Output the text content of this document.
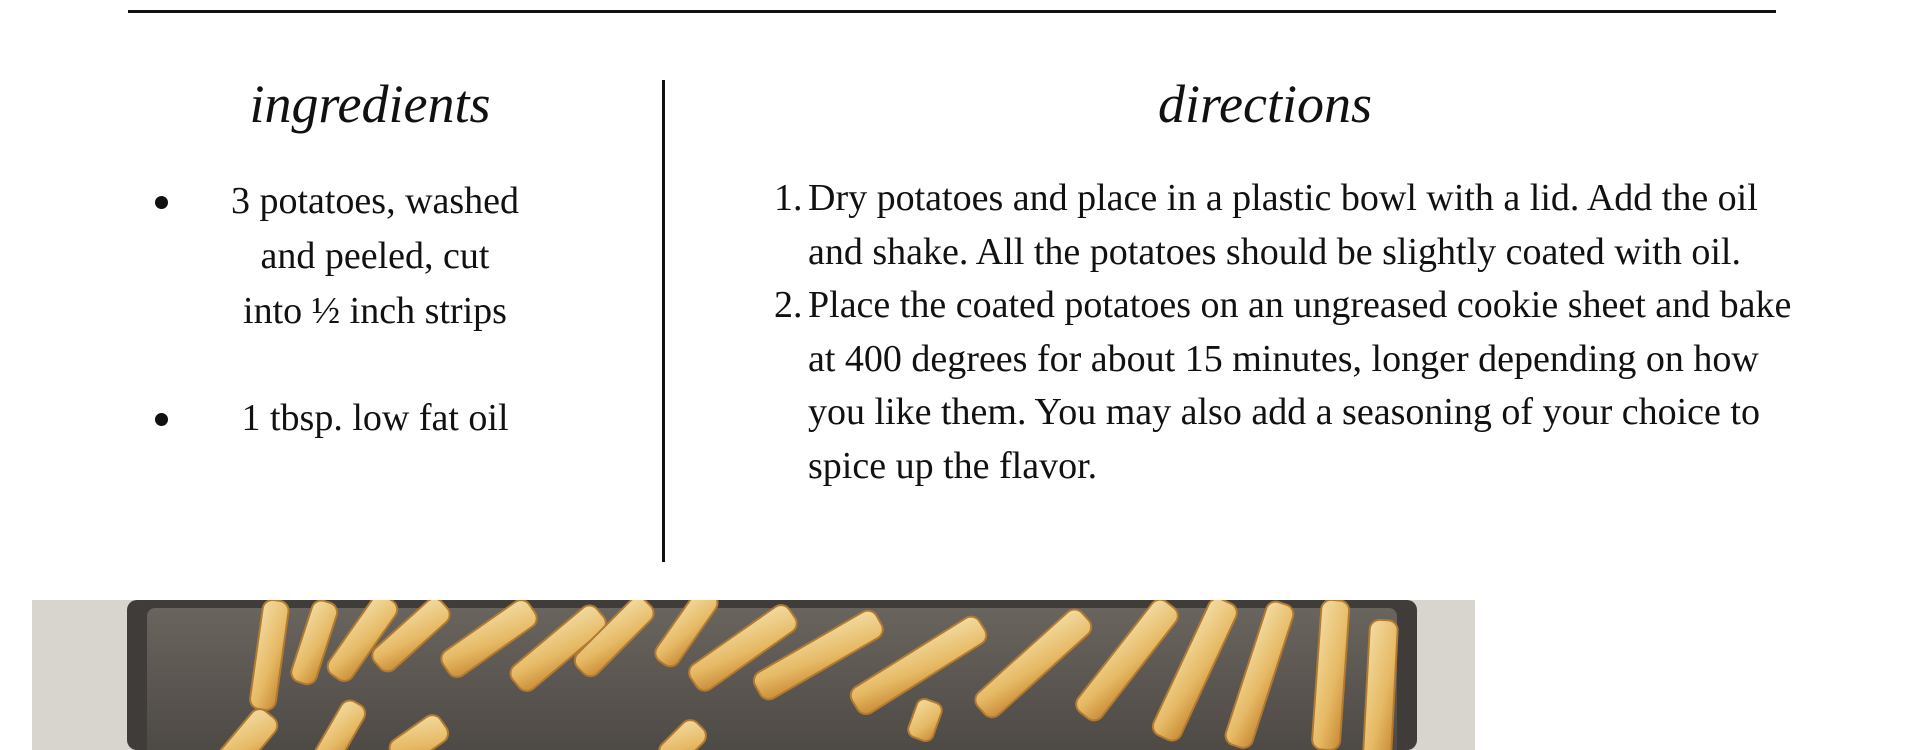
ingredients
3 potatoes, washed and peeled, cut into ½ inch strips
1 tbsp. low fat oil
directions
1. Dry potatoes and place in a plastic bowl with a lid. Add the oil and shake. All the potatoes should be slightly coated with oil.
2. Place the coated potatoes on an ungreased cookie sheet and bake at 400 degrees for about 15 minutes, longer depending on how you like them. You may also add a seasoning of your choice to spice up the flavor.
